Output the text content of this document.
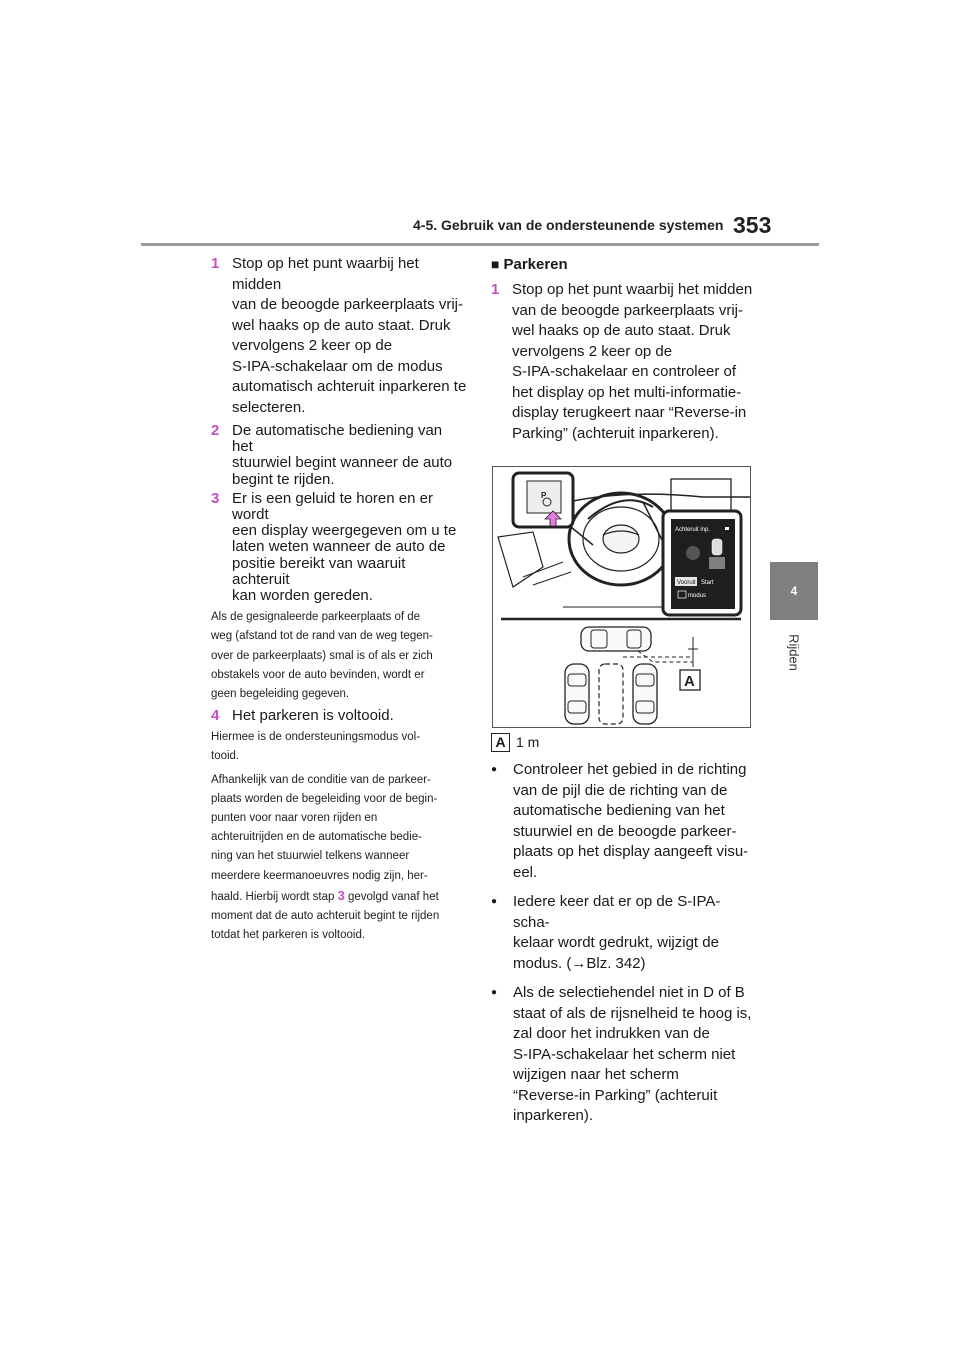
4-5. Gebruik van de ondersteunende systemen 353
4
Rijden
1 Stop op het punt waarbij het midden
van de beoogde parkeerplaats vrij-
wel haaks op de auto staat. Druk
vervolgens 2 keer op de
S-IPA-schakelaar om de modus
automatisch achteruit inparkeren te
selecteren.
2 De automatische bediening van het
stuurwiel begint wanneer de auto
begint te rijden.
3 Er is een geluid te horen en er wordt
een display weergegeven om u te
laten weten wanneer de auto de
positie bereikt van waaruit achteruit
kan worden gereden.
Als de gesignaleerde parkeerplaats of de
weg (afstand tot de rand van de weg tegen-
over de parkeerplaats) smal is of als er zich
obstakels voor de auto bevinden, wordt er
geen begeleiding gegeven.
4 Het parkeren is voltooid.
Hiermee is de ondersteuningsmodus vol-
tooid.
Afhankelijk van de conditie van de parkeer-
plaats worden de begeleiding voor de begin-
punten voor naar voren rijden en
achteruitrijden en de automatische bedie-
ning van het stuurwiel telkens wanneer
meerdere keermanoeuvres nodig zijn, her-
haald. Hierbij wordt stap 3 gevolgd vanaf het
moment dat de auto achteruit begint te rijden
totdat het parkeren is voltooid.
■ Parkeren
1 Stop op het punt waarbij het midden
van de beoogde parkeerplaats vrij-
wel haaks op de auto staat. Druk
vervolgens 2 keer op de
S-IPA-schakelaar en controleer of
het display op het multi-informatie-
display terugkeert naar “Reverse-in
Parking” (achteruit inparkeren).
P
Achteruit inp.
Vooruit Start
modus
A
A 1 m
●	Controleer het gebied in de richting
van de pijl die de richting van de
automatische bediening van het
stuurwiel en de beoogde parkeer-
plaats op het display aangeeft visu-
eel.
●	Iedere keer dat er op de S-IPA-scha-
kelaar wordt gedrukt, wijzigt de
modus. (→Blz. 342)
●	Als de selectiehendel niet in D of B
staat of als de rijsnelheid te hoog is,
zal door het indrukken van de
S-IPA-schakelaar het scherm niet
wijzigen naar het scherm
“Reverse-in Parking” (achteruit
inparkeren).
